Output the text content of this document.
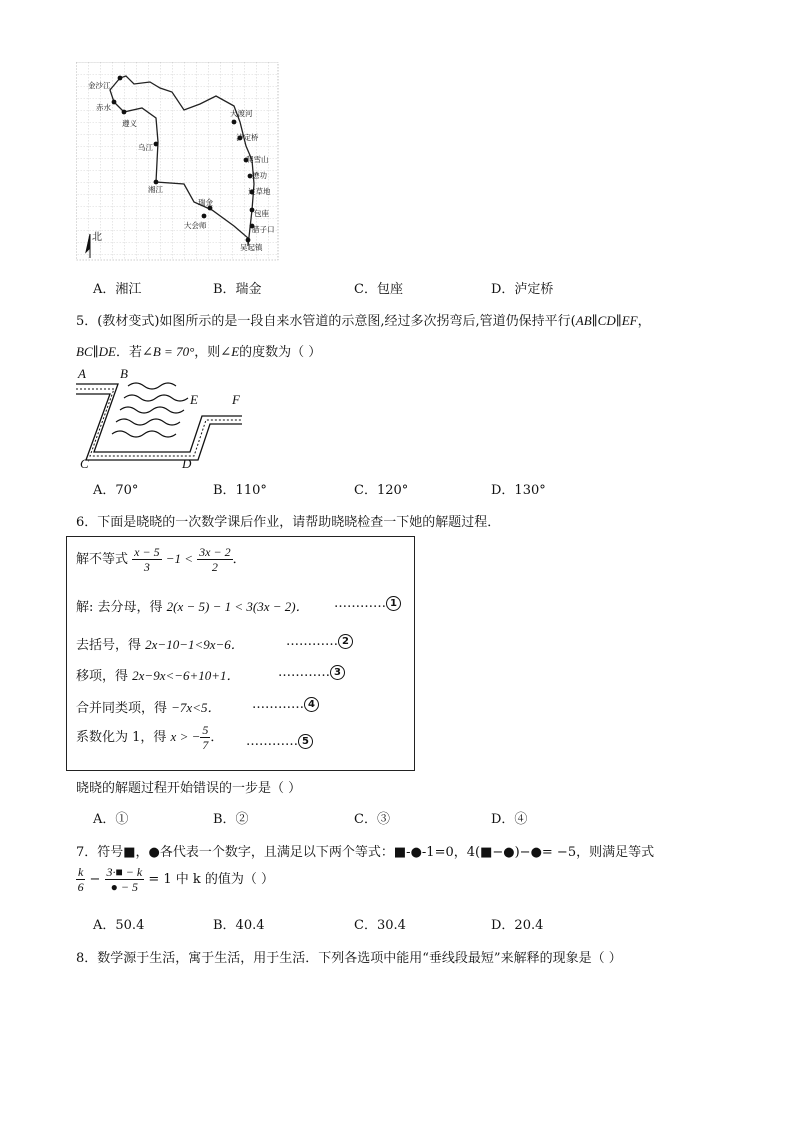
金沙江
赤水
遵义
乌江
湘江
瑞金
大会师
大渡河
泸定桥
爬雪山
懋功
过草地
包座
腊子口
吴起镇
北
A．湘江	B．瑞金	C．包座	D．泸定桥
5．(教材变式)如图所示的是一段自来水管道的示意图,经过多次拐弯后,管道仍保持平行(AB∥CD∥EF，
BC∥DE．若∠B = 70°，则∠E的度数为（ ）
A	B
C	D
E	F
A．70°	B．110°	C．120°	D．130°
6．下面是晓晓的一次数学课后作业，请帮助晓晓检查一下她的解题过程．
解不等式 $\frac{x - 5}{3} -1 < \frac{3x - 2}{2}$ ．
解: 去分母，得 2(x − 5) − 1 < 3(3x − 2)． ………… 1
去括号，得 2x−10−1<9x−6．	………… 2
移项，得 2x−9x<−6+10+1．	………… 3
合并同类项，得 −7x<5． ………… 4
系数化为 1，得 x > − $\frac{5}{7}$ ． ………… 5
晓晓的解题过程开始错误的一步是（ ）
A．①	B．②	C．③	D．④
7．符号■，●各代表一个数字，且满足以下两个等式：■-●-1=0，4(■−●)−●= −5，则满足等式
$\frac{k}{6} - \frac{3\cdot■ - k}{● - 5} = 1$ 中 k 的值为（ ）
A．50.4	B．40.4	C．30.4	D．20.4
8．数学源于生活，寓于生活，用于生活．下列各选项中能用“垂线段最短”来解释的现象是（ ）
